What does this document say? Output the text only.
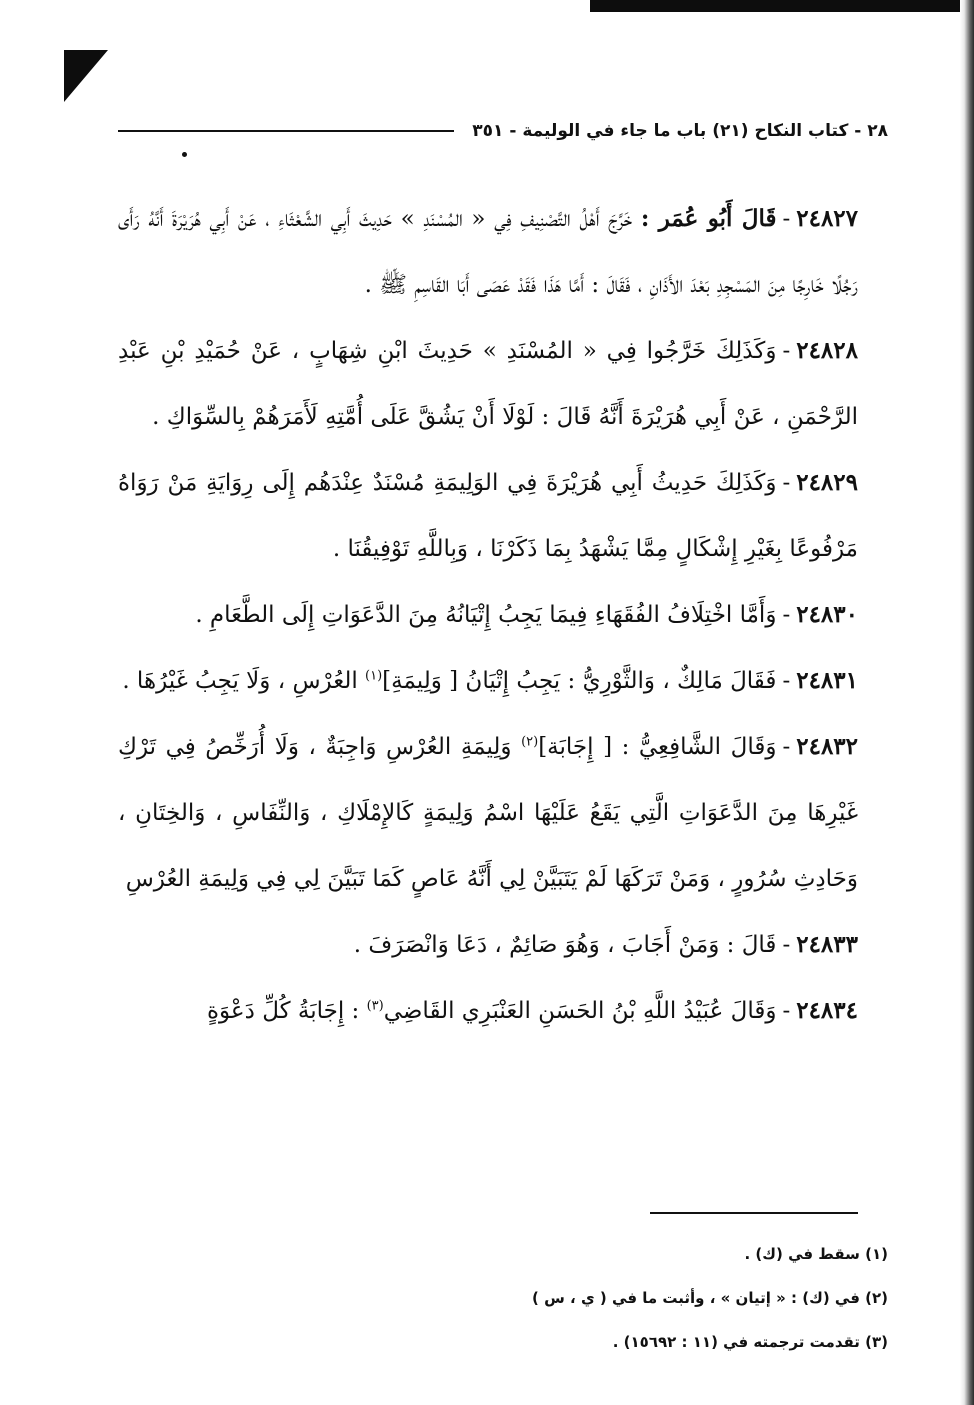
٢٨ - كتاب النكاح (٢١) باب ما جاء في الوليمة - ٣٥١

٢٤٨٢٧-قَالَ أَبُو عُمَر : خَرَّجَ أَهْلُ التَّصْنِيفِ فِي « المُسْنَدِ » حَدِيثَ أَبِي الشَّعْثَاءِ ، عَنْ أَبِي هُرَيْرَةَ أَنَّهُ رَأَى رَجُلًا خَارِجًا مِنَ المَسْجِدِ بَعْدَ الأَذَانِ ، فَقَالَ : أَمَّا هَذَا فَقَدْ عَصَى أَبَا القَاسِمِ ﷺ .

٢٤٨٢٨-وَكَذَلِكَ خَرَّجُوا فِي « المُسْنَدِ » حَدِيثَ ابْنِ شِهَابٍ ، عَنْ حُمَيْدِ بْنِ عَبْدِ الرَّحْمَنِ ، عَنْ أَبِي هُرَيْرَةَ أَنَّهُ قَالَ : لَوْلَا أَنْ يَشُقَّ عَلَى أُمَّتِهِ لَأَمَرَهُمْ بِالسِّوَاكِ .

٢٤٨٢٩-وَكَذَلِكَ حَدِيثُ أَبِي هُرَيْرَةَ فِي الوَلِيمَةِ مُسْنَدٌ عِنْدَهُم إِلَى رِوَايَةِ مَنْ رَوَاهُ مَرْفُوعًا بِغَيْرِ إِشْكَالٍ مِمَّا يَشْهَدُ بِمَا ذَكَرْنَا ، وَبِاللَّهِ تَوْفِيقُنَا .

٢٤٨٣٠-وَأَمَّا اخْتِلَافُ الفُقَهَاءِ فِيمَا يَجِبُ إِتْيَانُهُ مِنَ الدَّعَوَاتِ إِلَى الطَّعَامِ .

٢٤٨٣١-فَقَالَ مَالِكٌ ، وَالثَّوْرِيُّ : يَجِبُ إِتْيَانُ [ وَلِيمَةِ]$^{(١)}$ العُرْسِ ، وَلَا يَجِبُ غَيْرُهَا .

٢٤٨٣٢-وَقَالَ الشَّافِعِيُّ : [ إِجَابَة]$^{(٢)}$ وَلِيمَةِ العُرْسِ وَاجِبَةٌ ، وَلَا أُرَخِّصُ فِي تَرْكِ غَيْرِهَا مِنَ الدَّعَوَاتِ الَّتِي يَقَعُ عَلَيْهَا اسْمُ وَلِيمَةٍ كَالإِمْلَاكِ ، وَالنِّفَاسِ ، وَالخِتَانِ ، وَحَادِثِ سُرُورٍ ، وَمَنْ تَرَكَهَا لَمْ يَتَبَيَّنْ لِي أَنَّهُ عَاصٍ كَمَا تَبَيَّنَ لِي فِي وَلِيمَةِ العُرْسِ

٢٤٨٣٣-قَالَ : وَمَنْ أَجَابَ ، وَهُوَ صَائِمٌ ، دَعَا وَانْصَرَفَ .

٢٤٨٣٤-وَقَالَ عُبَيْدُ اللَّهِ بْنُ الحَسَنِ العَنْبَرِي القَاضِي$^{(٣)}$ : إِجَابَةُ كُلِّ دَعْوَةٍ

(١) سقط في (ك) .
(٢) في (ك) : « إتيان » ، وأثبت ما في ( ي ، س )
(٣) تقدمت ترجمته في (١١ : ١٥٦٩٢) .
